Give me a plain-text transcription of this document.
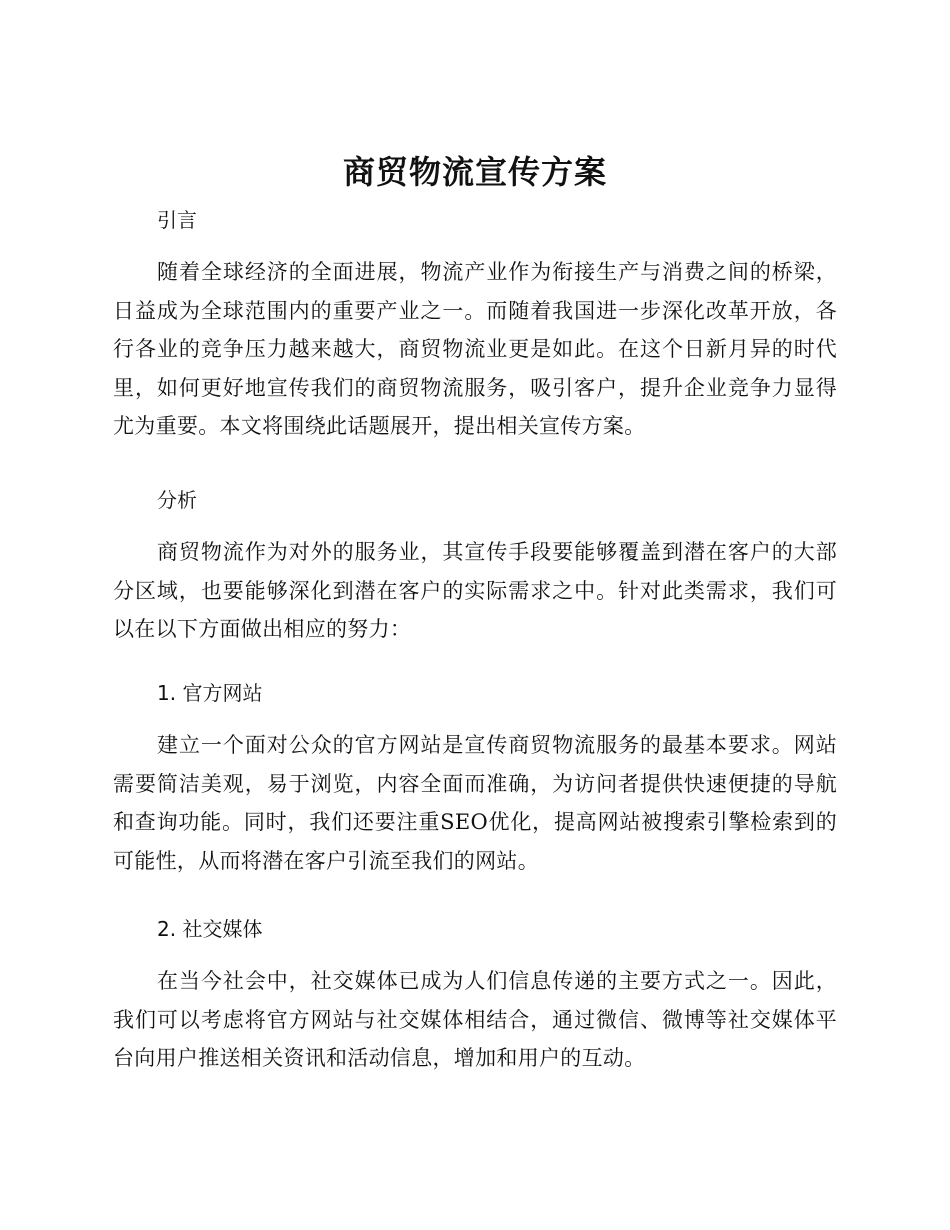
商贸物流宣传方案
引言

随着全球经济的全面进展，物流产业作为衔接生产与消费之间的桥梁，日益成为全球范围内的重要产业之一。而随着我国进一步深化改革开放，各行各业的竞争压力越来越大，商贸物流业更是如此。在这个日新月异的时代里，如何更好地宣传我们的商贸物流服务，吸引客户，提升企业竞争力显得尤为重要。本文将围绕此话题展开，提出相关宣传方案。

分析

商贸物流作为对外的服务业，其宣传手段要能够覆盖到潜在客户的大部分区域，也要能够深化到潜在客户的实际需求之中。针对此类需求，我们可以在以下方面做出相应的努力：

1. 官方网站

建立一个面对公众的官方网站是宣传商贸物流服务的最基本要求。网站需要简洁美观，易于浏览，内容全面而准确，为访问者提供快速便捷的导航和查询功能。同时，我们还要注重SEO优化，提高网站被搜索引擎检索到的可能性，从而将潜在客户引流至我们的网站。

2. 社交媒体

在当今社会中，社交媒体已成为人们信息传递的主要方式之一。因此，我们可以考虑将官方网站与社交媒体相结合，通过微信、微博等社交媒体平台向用户推送相关资讯和活动信息，增加和用户的互动。
